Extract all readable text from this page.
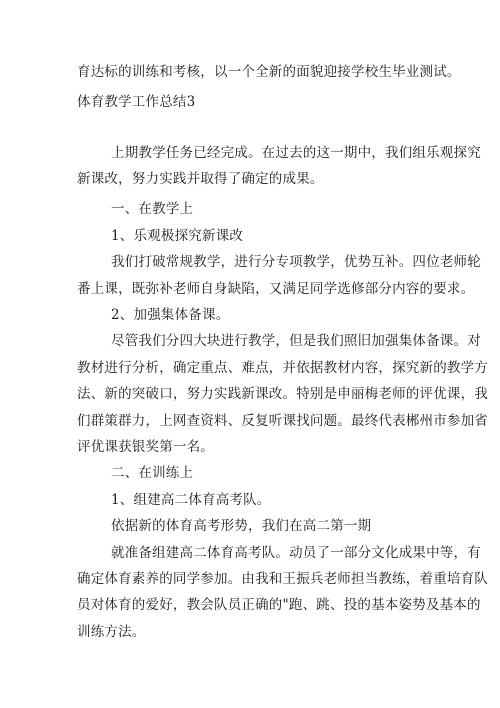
育达标的训练和考核，以一个全新的面貌迎接学校生毕业测试。
体育教学工作总结3
上期教学任务已经完成。在过去的这一期中，我们组乐观探究
新课改，努力实践并取得了确定的成果。
一、在教学上
1、乐观极探究新课改
我们打破常规教学，进行分专项教学，优势互补。四位老师轮
番上课，既弥补老师自身缺陷，又满足同学选修部分内容的要求。
2、加强集体备课。
尽管我们分四大块进行教学，但是我们照旧加强集体备课。对
教材进行分析，确定重点、难点，并依据教材内容，探究新的教学方
法、新的突破口，努力实践新课改。特别是申丽梅老师的评优课，我
们群策群力，上网查资料、反复听课找问题。最终代表郴州市参加省
评优课获银奖第一名。
二、在训练上
1、组建高二体育高考队。
依据新的体育高考形势，我们在高二第一期
就准备组建高二体育高考队。动员了一部分文化成果中等，有
确定体育素养的同学参加。由我和王振兵老师担当教练，着重培育队
员对体育的爱好，教会队员正确的"跑、跳、投的基本姿势及基本的
训练方法。
